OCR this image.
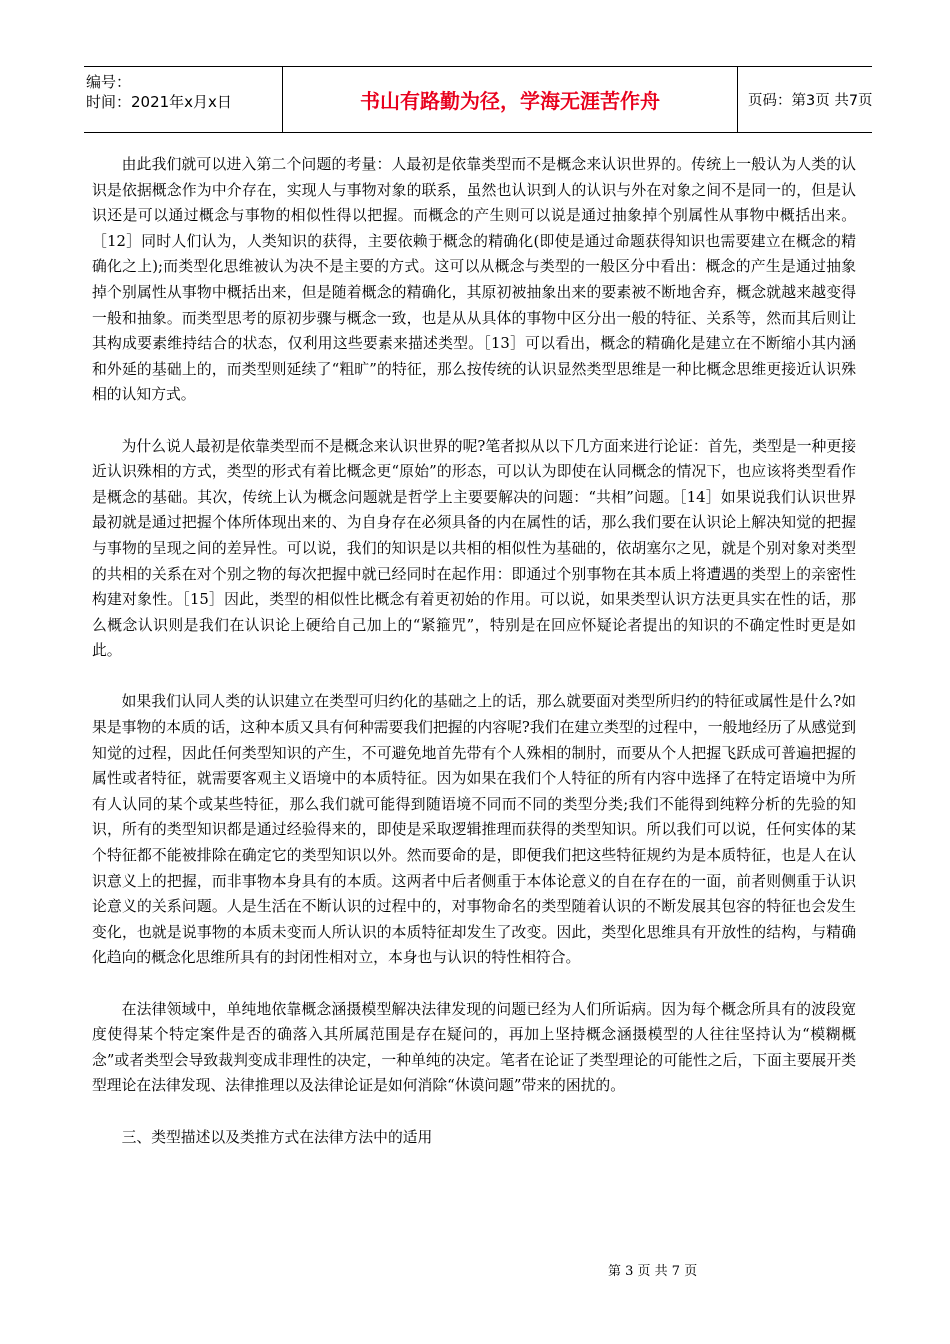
编号：
时间：2021年x月x日	书山有路勤为径，学海无涯苦作舟	页码：第3页 共7页

由此我们就可以进入第二个问题的考量：人最初是依靠类型而不是概念来认识世界的。传统上一般认为人类的认识是依据概念作为中介存在，实现人与事物对象的联系，虽然也认识到人的认识与外在对象之间不是同一的，但是认识还是可以通过概念与事物的相似性得以把握。而概念的产生则可以说是通过抽象掉个别属性从事物中概括出来。［12］同时人们认为，人类知识的获得，主要依赖于概念的精确化(即使是通过命题获得知识也需要建立在概念的精确化之上);而类型化思维被认为决不是主要的方式。这可以从概念与类型的一般区分中看出：概念的产生是通过抽象掉个别属性从事物中概括出来，但是随着概念的精确化，其原初被抽象出来的要素被不断地舍弃，概念就越来越变得一般和抽象。而类型思考的原初步骤与概念一致，也是从从具体的事物中区分出一般的特征、关系等，然而其后则让其构成要素维持结合的状态，仅利用这些要素来描述类型。［13］可以看出，概念的精确化是建立在不断缩小其内涵和外延的基础上的，而类型则延续了“粗旷”的特征，那么按传统的认识显然类型思维是一种比概念思维更接近认识殊相的认知方式。

为什么说人最初是依靠类型而不是概念来认识世界的呢?笔者拟从以下几方面来进行论证：首先，类型是一种更接近认识殊相的方式，类型的形式有着比概念更“原始”的形态，可以认为即使在认同概念的情况下，也应该将类型看作是概念的基础。其次，传统上认为概念问题就是哲学上主要要解决的问题：“共相”问题。［14］如果说我们认识世界最初就是通过把握个体所体现出来的、为自身存在必须具备的内在属性的话，那么我们要在认识论上解决知觉的把握与事物的呈现之间的差异性。可以说，我们的知识是以共相的相似性为基础的，依胡塞尔之见，就是个别对象对类型的共相的关系在对个别之物的每次把握中就已经同时在起作用：即通过个别事物在其本质上将遭遇的类型上的亲密性构建对象性。［15］因此，类型的相似性比概念有着更初始的作用。可以说，如果类型认识方法更具实在性的话，那么概念认识则是我们在认识论上硬给自己加上的“紧箍咒”，特别是在回应怀疑论者提出的知识的不确定性时更是如此。

如果我们认同人类的认识建立在类型可归约化的基础之上的话，那么就要面对类型所归约的特征或属性是什么?如果是事物的本质的话，这种本质又具有何种需要我们把握的内容呢?我们在建立类型的过程中，一般地经历了从感觉到知觉的过程，因此任何类型知识的产生，不可避免地首先带有个人殊相的制肘，而要从个人把握飞跃成可普遍把握的属性或者特征，就需要客观主义语境中的本质特征。因为如果在我们个人特征的所有内容中选择了在特定语境中为所有人认同的某个或某些特征，那么我们就可能得到随语境不同而不同的类型分类;我们不能得到纯粹分析的先验的知识，所有的类型知识都是通过经验得来的，即使是采取逻辑推理而获得的类型知识。所以我们可以说，任何实体的某个特征都不能被排除在确定它的类型知识以外。然而要命的是，即便我们把这些特征规约为是本质特征，也是人在认识意义上的把握，而非事物本身具有的本质。这两者中后者侧重于本体论意义的自在存在的一面，前者则侧重于认识论意义的关系问题。人是生活在不断认识的过程中的，对事物命名的类型随着认识的不断发展其包容的特征也会发生变化，也就是说事物的本质未变而人所认识的本质特征却发生了改变。因此，类型化思维具有开放性的结构，与精确化趋向的概念化思维所具有的封闭性相对立，本身也与认识的特性相符合。

在法律领域中，单纯地依靠概念涵摄模型解决法律发现的问题已经为人们所诟病。因为每个概念所具有的波段宽度使得某个特定案件是否的确落入其所属范围是存在疑问的，再加上坚持概念涵摄模型的人往往坚持认为“模糊概念”或者类型会导致裁判变成非理性的决定，一种单纯的决定。笔者在论证了类型理论的可能性之后，下面主要展开类型理论在法律发现、法律推理以及法律论证是如何消除“休谟问题”带来的困扰的。

三、类型描述以及类推方式在法律方法中的适用

第 3 页 共 7 页
